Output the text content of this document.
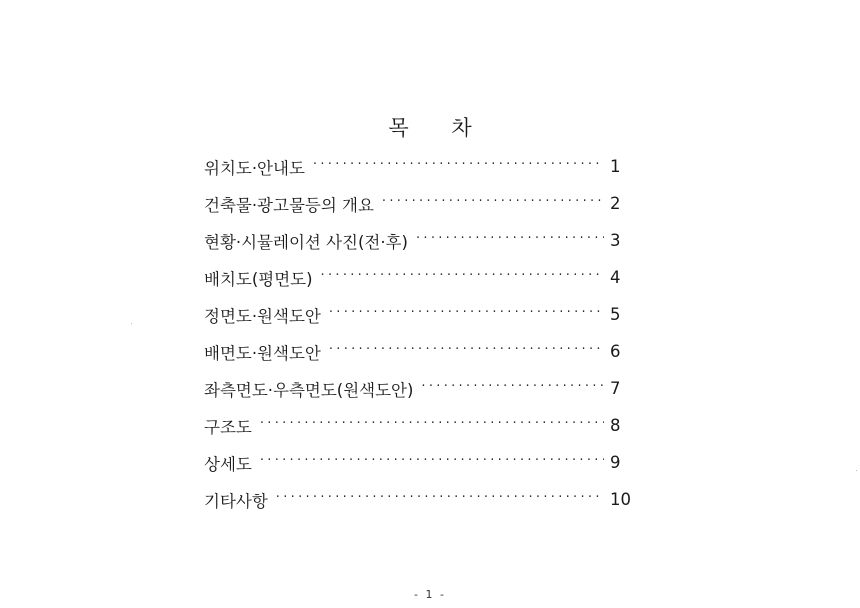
목 차
위치도·안내도 ·····	1
건축물·광고물등의 개요 ·····	2
현황·시뮬레이션 사진(전·후) ·····	3
배치도(평면도) ·····	4
정면도·원색도안 ·····	5
배면도·원색도안 ·····	6
좌측면도·우측면도(원색도안) ·····	7
구조도 ·····	8
상세도 ·····	9
기타사항 ·····	10
- 1 -
